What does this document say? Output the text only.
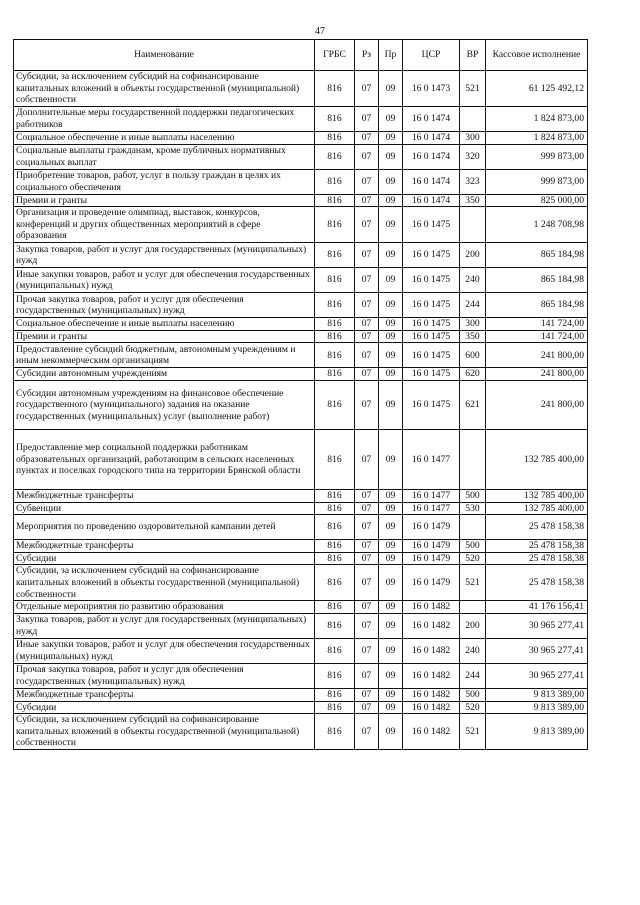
47
Наименование	ГРБС	Рз	Пр	ЦСР	ВР	Кассовое исполнение
Субсидии, за исключением субсидий на софинансирование капитальных вложений в объекты государственной (муниципальной) собственности	816	07	09	16 0 1473	521	61 125 492,12
Дополнительные меры государственной поддержки педагогических работников	816	07	09	16 0 1474		1 824 873,00
Социальное обеспечение и иные выплаты населению	816	07	09	16 0 1474	300	1 824 873,00
Социальные выплаты гражданам, кроме публичных нормативных социальных выплат	816	07	09	16 0 1474	320	999 873,00
Приобретение товаров, работ, услуг в пользу граждан в целях их социального обеспечения	816	07	09	16 0 1474	323	999 873,00
Премии и гранты	816	07	09	16 0 1474	350	825 000,00
Организация и проведение олимпиад, выставок, конкурсов, конференций и других общественных мероприятий в сфере образования	816	07	09	16 0 1475		1 248 708,98
Закупка товаров, работ и услуг для государственных (муниципальных) нужд	816	07	09	16 0 1475	200	865 184,98
Иные закупки товаров, работ и услуг для обеспечения государственных (муниципальных) нужд	816	07	09	16 0 1475	240	865 184,98
Прочая закупка товаров, работ и услуг для обеспечения государственных (муниципальных) нужд	816	07	09	16 0 1475	244	865 184,98
Социальное обеспечение и иные выплаты населению	816	07	09	16 0 1475	300	141 724,00
Премии и гранты	816	07	09	16 0 1475	350	141 724,00
Предоставление субсидий бюджетным, автономным учреждениям и иным некоммерческим организациям	816	07	09	16 0 1475	600	241 800,00
Субсидии автономным учреждениям	816	07	09	16 0 1475	620	241 800,00
Субсидии автономным учреждениям на финансовое обеспечение государственного (муниципального) задания на оказание государственных (муниципальных) услуг (выполнение работ)	816	07	09	16 0 1475	621	241 800,00
Предоставление мер социальной поддержки работникам образовательных организаций, работающим в сельских населенных пунктах и поселках городского типа на территории Брянской области	816	07	09	16 0 1477		132 785 400,00
Межбюджетные трансферты	816	07	09	16 0 1477	500	132 785 400,00
Субвенции	816	07	09	16 0 1477	530	132 785 400,00
Мероприятия по проведению оздоровительной кампании детей	816	07	09	16 0 1479		25 478 158,38
Межбюджетные трансферты	816	07	09	16 0 1479	500	25 478 158,38
Субсидии	816	07	09	16 0 1479	520	25 478 158,38
Субсидии, за исключением субсидий на софинансирование капитальных вложений в объекты государственной (муниципальной) собственности	816	07	09	16 0 1479	521	25 478 158,38
Отдельные мероприятия по развитию образования	816	07	09	16 0 1482		41 176 156,41
Закупка товаров, работ и услуг для государственных (муниципальных) нужд	816	07	09	16 0 1482	200	30 965 277,41
Иные закупки товаров, работ и услуг для обеспечения государственных (муниципальных) нужд	816	07	09	16 0 1482	240	30 965 277,41
Прочая закупка товаров, работ и услуг для обеспечения государственных (муниципальных) нужд	816	07	09	16 0 1482	244	30 965 277,41
Межбюджетные трансферты	816	07	09	16 0 1482	500	9 813 389,00
Субсидии	816	07	09	16 0 1482	520	9 813 389,00
Субсидии, за исключением субсидий на софинансирование капитальных вложений в объекты государственной (муниципальной) собственности	816	07	09	16 0 1482	521	9 813 389,00
